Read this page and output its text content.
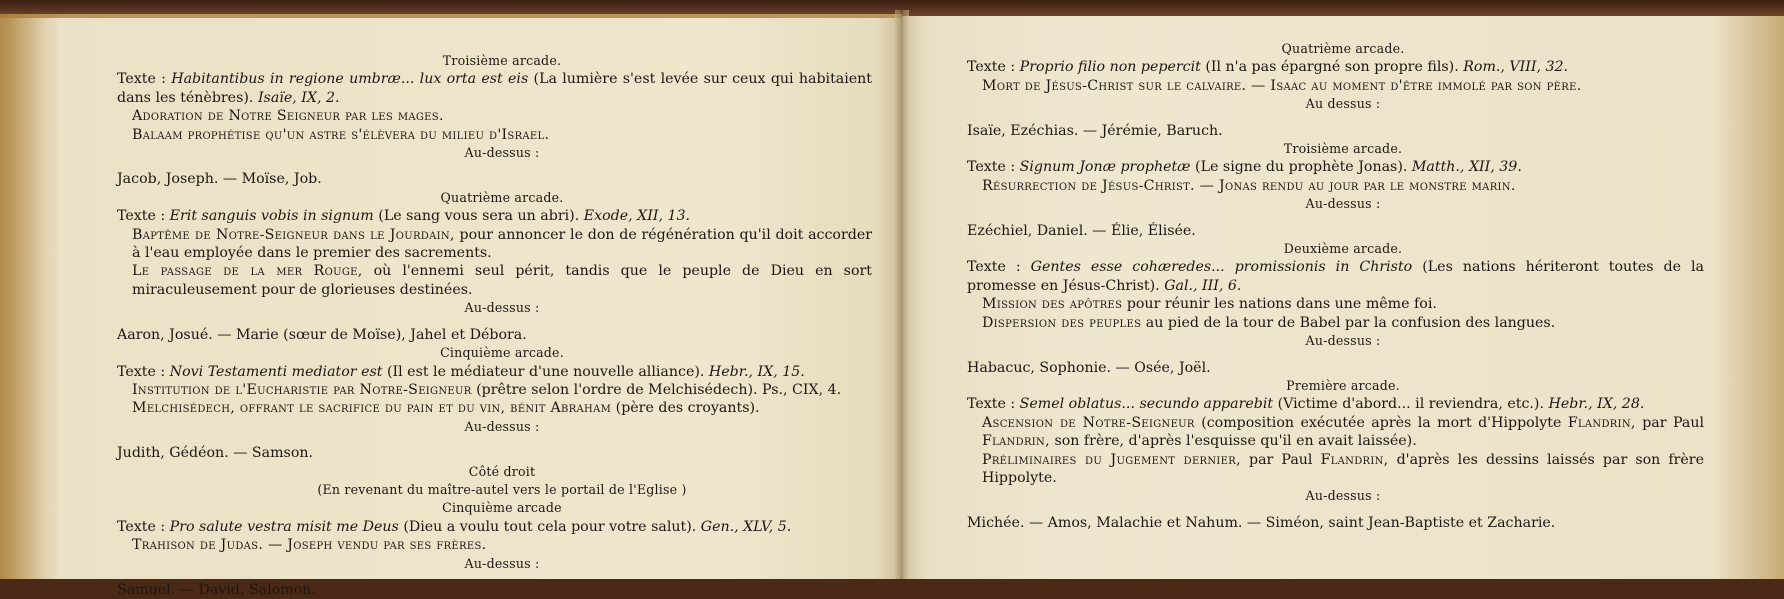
Troisième arcade.

Texte : Habitantibus in regione umbræ... lux orta est eis (La lumière s'est levée sur ceux qui habitaient dans les ténèbres). Isaïe, IX, 2.

Adoration de Notre Seigneur par les mages.

Balaam prophétise qu'un astre s'élèvera du milieu d'Israel.

Au-dessus :

Jacob, Joseph. — Moïse, Job.

Quatrième arcade.

Texte : Erit sanguis vobis in signum (Le sang vous sera un abri). Exode, XII, 13.

Baptême de Notre-Seigneur dans le Jourdain, pour annoncer le don de régénération qu'il doit accorder à l'eau employée dans le premier des sacrements.

Le passage de la mer Rouge, où l'ennemi seul périt, tandis que le peuple de Dieu en sort miraculeusement pour de glorieuses destinées.

Au-dessus :

Aaron, Josué. — Marie (sœur de Moïse), Jahel et Débora.

Cinquième arcade.

Texte : Novi Testamenti mediator est (Il est le médiateur d'une nouvelle alliance). Hebr., IX, 15.

Institution de l'Eucharistie par Notre-Seigneur (prêtre selon l'ordre de Melchisédech). Ps., CIX, 4.

Melchisédech, offrant le sacrifice du pain et du vin, bénit Abraham (père des croyants).

Au-dessus :

Judith, Gédéon. — Samson.

Côté droit

(En revenant du maître-autel vers le portail de l'Eglise )

Cinquième arcade

Texte : Pro salute vestra misit me Deus (Dieu a voulu tout cela pour votre salut). Gen., XLV, 5.

Trahison de Judas. — Joseph vendu par ses frères.

Au-dessus :

Samuel. — David, Salomon.

Quatrième arcade.

Texte : Proprio filio non pepercit (Il n'a pas épargné son propre fils). Rom., VIII, 32.

Mort de Jésus-Christ sur le calvaire. — Isaac au moment d'être immolé par son père.

Au dessus :

Isaïe, Ezéchias. — Jérémie, Baruch.

Troisième arcade.

Texte : Signum Jonæ prophetæ (Le signe du prophète Jonas). Matth., XII, 39.

Résurrection de Jésus-Christ. — Jonas rendu au jour par le monstre marin.

Au-dessus :

Ezéchiel, Daniel. — Élie, Élisée.

Deuxième arcade.

Texte : Gentes esse cohæredes... promissionis in Christo (Les nations hériteront toutes de la promesse en Jésus-Christ). Gal., III, 6.

Mission des apôtres pour réunir les nations dans une même foi.

Dispersion des peuples au pied de la tour de Babel par la confusion des langues.

Au-dessus :

Habacuc, Sophonie. — Osée, Joël.

Première arcade.

Texte : Semel oblatus... secundo apparebit (Victime d'abord... il reviendra, etc.). Hebr., IX, 28.

Ascension de Notre-Seigneur (composition exécutée après la mort d'Hippolyte Flandrin, par Paul Flandrin, son frère, d'après l'esquisse qu'il en avait laissée).

Préliminaires du Jugement dernier, par Paul Flandrin, d'après les dessins laissés par son frère Hippolyte.

Au-dessus :

Michée. — Amos, Malachie et Nahum. — Siméon, saint Jean-Baptiste et Zacharie.
